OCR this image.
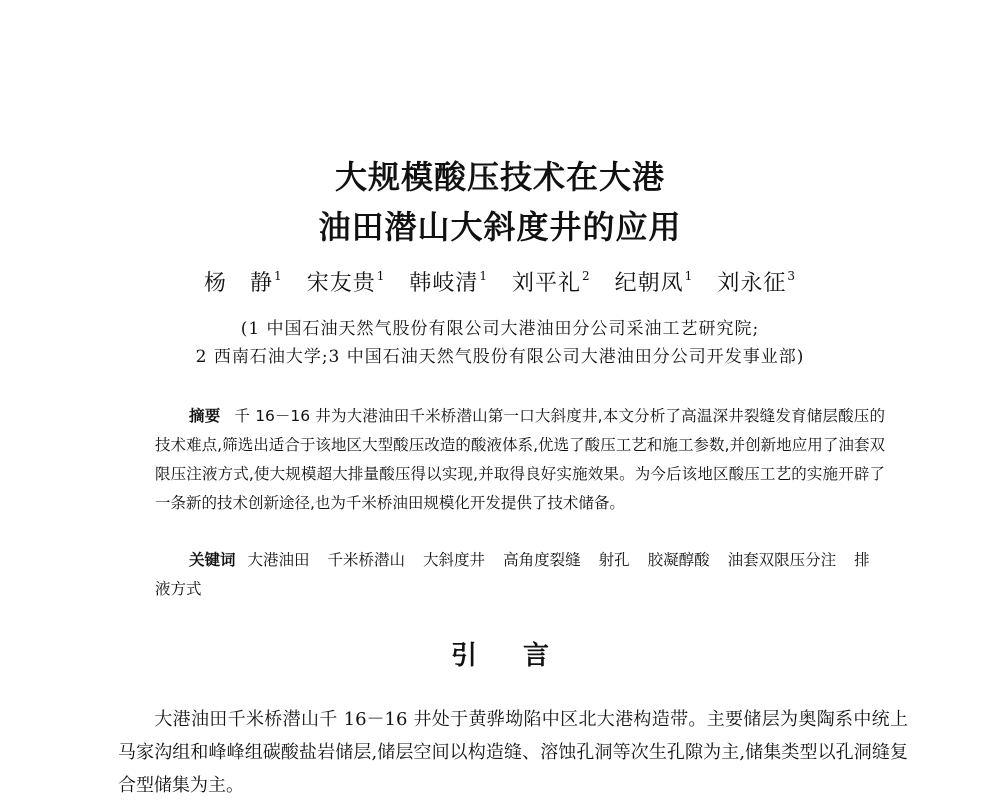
大规模酸压技术在大港
油田潜山大斜度井的应用
杨　静$^1$ 宋友贵$^1$ 韩岐清$^1$ 刘平礼$^2$ 纪朝凤$^1$ 刘永征$^3$
(1 中国石油天然气股份有限公司大港油田分公司采油工艺研究院;
2 西南石油大学;3 中国石油天然气股份有限公司大港油田分公司开发事业部)
摘要 千 16－16 井为大港油田千米桥潜山第一口大斜度井,本文分析了高温深井裂缝发育储层酸压的技术难点,筛选出适合于该地区大型酸压改造的酸液体系,优选了酸压工艺和施工参数,并创新地应用了油套双限压注液方式,使大规模超大排量酸压得以实现,并取得良好实施效果。为今后该地区酸压工艺的实施开辟了一条新的技术创新途径,也为千米桥油田规模化开发提供了技术储备。
关键词 大港油田 千米桥潜山 大斜度井 高角度裂缝 射孔 胶凝醇酸 油套双限压分注 排液方式
引言
大港油田千米桥潜山千 16－16 井处于黄骅坳陷中区北大港构造带。主要储层为奥陶系中统上马家沟组和峰峰组碳酸盐岩储层,储层空间以构造缝、溶蚀孔洞等次生孔隙为主,储集类型以孔洞缝复合型储集为主。
